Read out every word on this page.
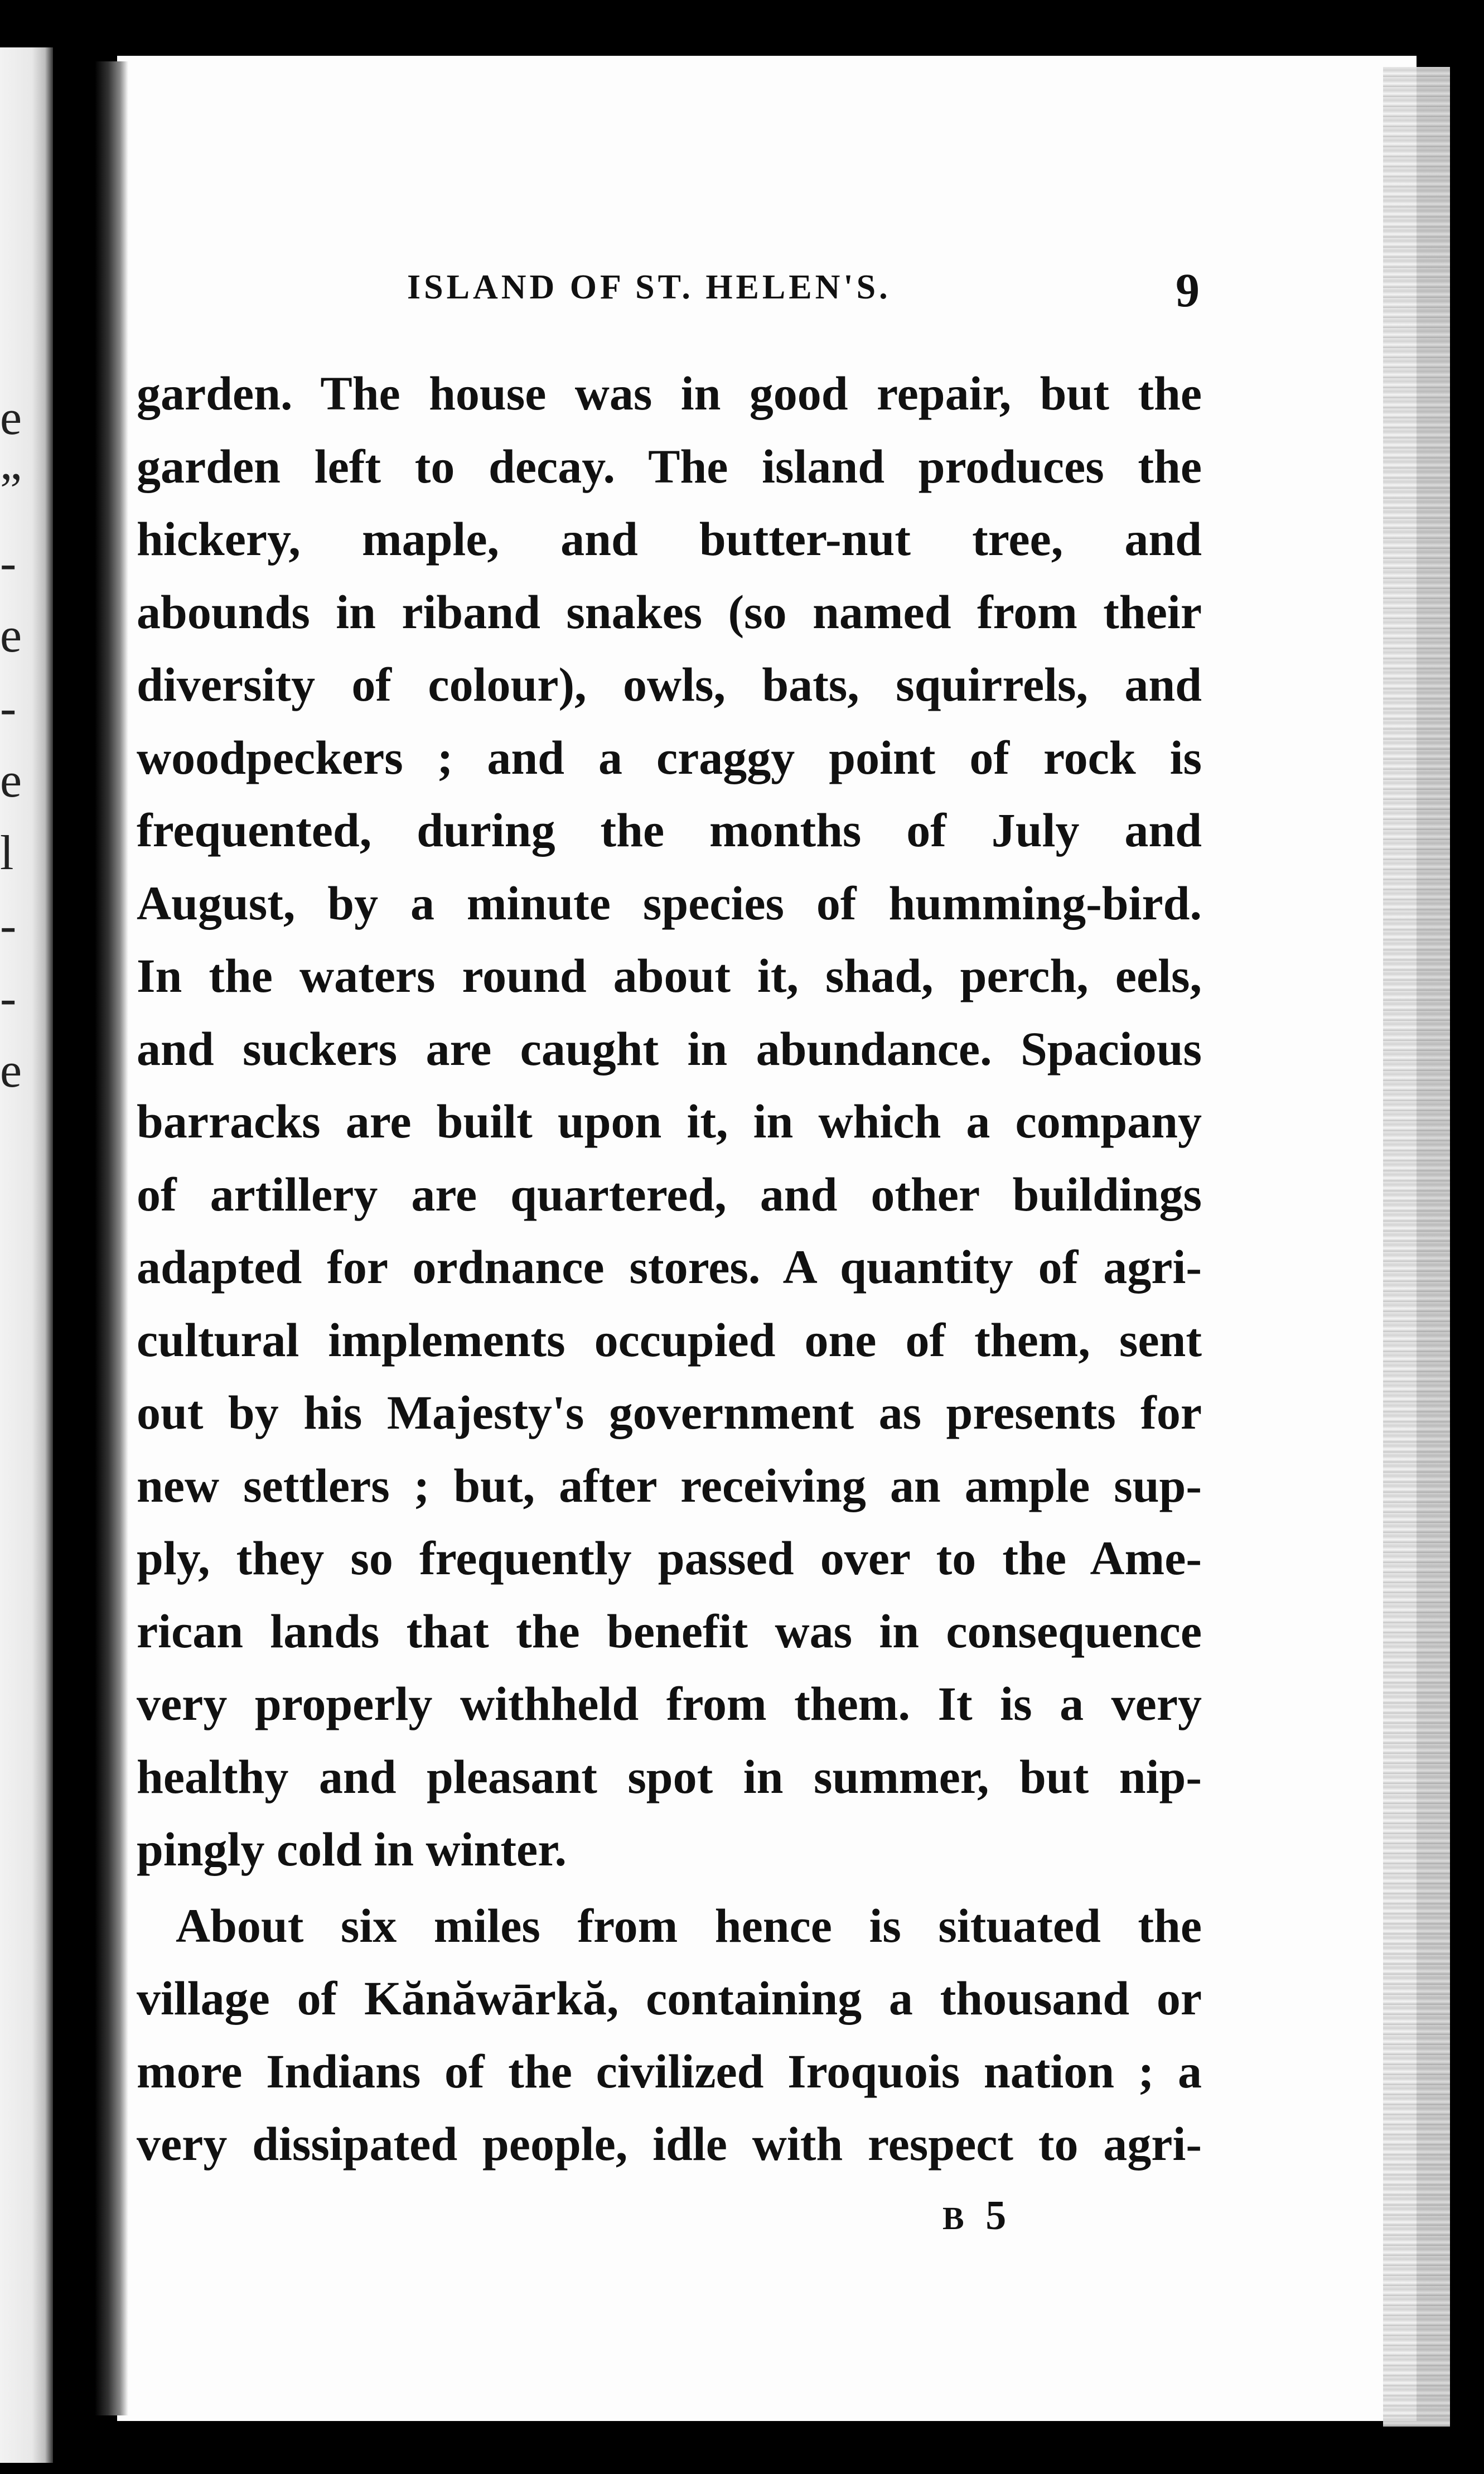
e
”
-
e
-
e
l
-
-
e
ISLAND OF ST. HELEN'S.	9
garden. The house was in good repair, but the
garden left to decay. The island produces the
hickery, maple, and butter-nut tree, and
abounds in riband snakes (so named from their
diversity of colour), owls, bats, squirrels, and
woodpeckers ; and a craggy point of rock is
frequented, during the months of July and
August, by a minute species of humming-bird.
In the waters round about it, shad, perch, eels,
and suckers are caught in abundance. Spacious
barracks are built upon it, in which a company
of artillery are quartered, and other buildings
adapted for ordnance stores. A quantity of agri-
cultural implements occupied one of them, sent
out by his Majesty's government as presents for
new settlers ; but, after receiving an ample sup-
ply, they so frequently passed over to the Ame-
rican lands that the benefit was in consequence
very properly withheld from them. It is a very
healthy and pleasant spot in summer, but nip-
pingly cold in winter.
About six miles from hence is situated the
village of Kănăwārkă, containing a thousand or
more Indians of the civilized Iroquois nation ; a
very dissipated people, idle with respect to agri-
B 5
